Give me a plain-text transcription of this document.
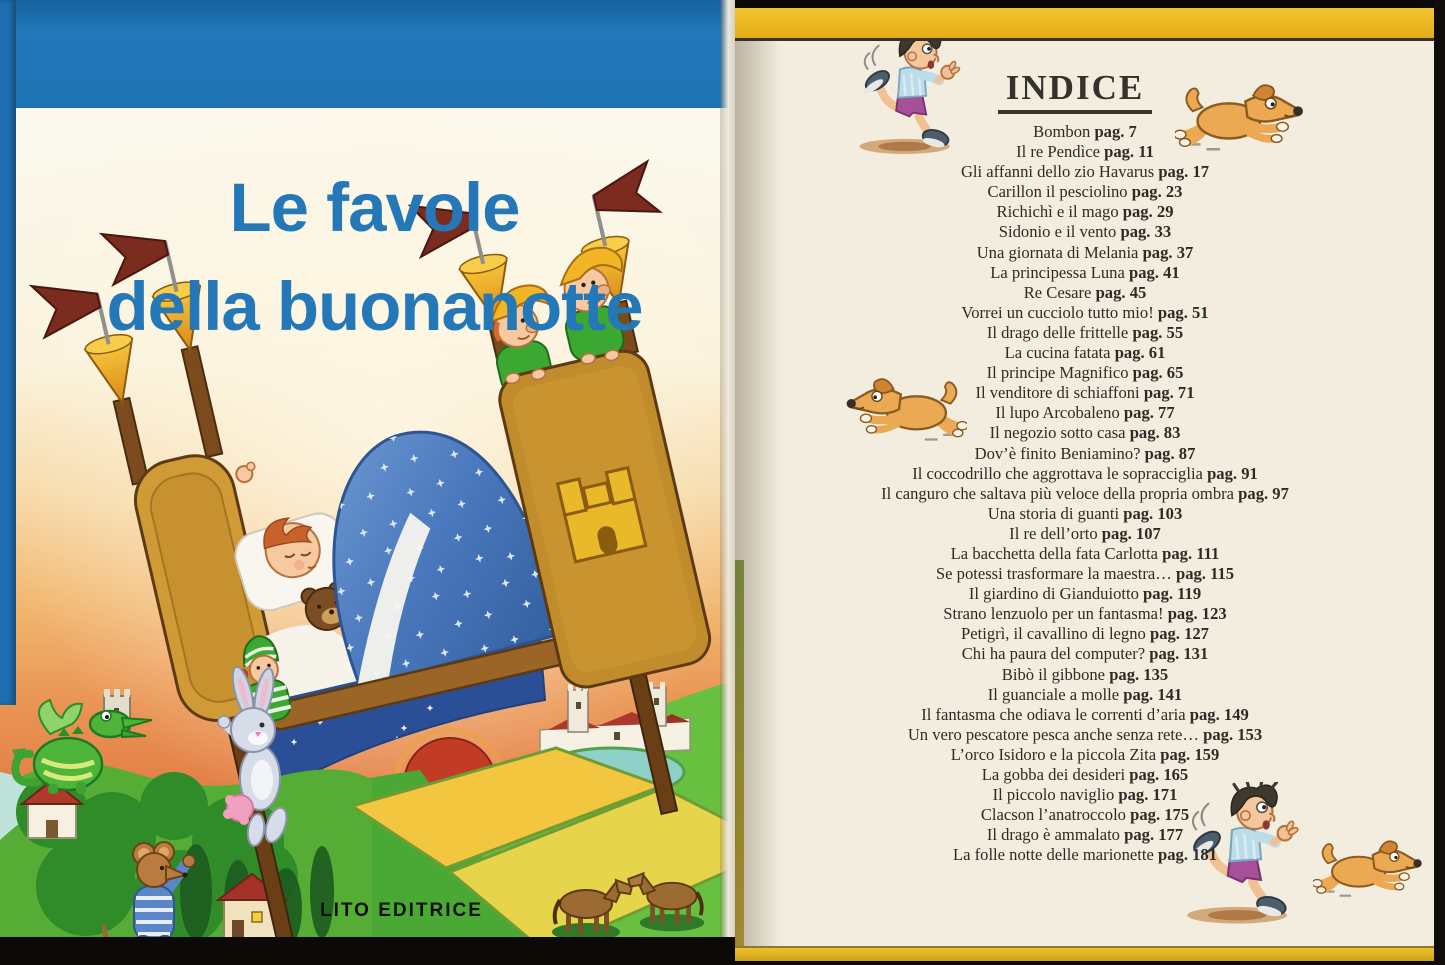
Le favole
della buonanotte
LITO EDITRICE
INDICE
Bombon pag. 7
Il re Pendìce pag. 11
Gli affanni dello zio Havarus pag. 17
Carillon il pesciolino pag. 23
Richichì e il mago pag. 29
Sidonio e il vento pag. 33
Una giornata di Melania pag. 37
La principessa Luna pag. 41
Re Cesare pag. 45
Vorrei un cucciolo tutto mio! pag. 51
Il drago delle frittelle pag. 55
La cucina fatata pag. 61
Il principe Magnifico pag. 65
Il venditore di schiaffoni pag. 71
Il lupo Arcobaleno pag. 77
Il negozio sotto casa pag. 83
Dov’è finito Beniamino? pag. 87
Il coccodrillo che aggrottava le sopracciglia pag. 91
Il canguro che saltava più veloce della propria ombra pag. 97
Una storia di guanti pag. 103
Il re dell’orto pag. 107
La bacchetta della fata Carlotta pag. 111
Se potessi trasformare la maestra… pag. 115
Il giardino di Gianduiotto pag. 119
Strano lenzuolo per un fantasma! pag. 123
Petigrì, il cavallino di legno pag. 127
Chi ha paura del computer? pag. 131
Bibò il gibbone pag. 135
Il guanciale a molle pag. 141
Il fantasma che odiava le correnti d’aria pag. 149
Un vero pescatore pesca anche senza rete… pag. 153
L’orco Isidoro e la piccola Zita pag. 159
La gobba dei desideri pag. 165
Il piccolo naviglio pag. 171
Clacson l’anatroccolo pag. 175
Il drago è ammalato pag. 177
La folle notte delle marionette pag. 181
